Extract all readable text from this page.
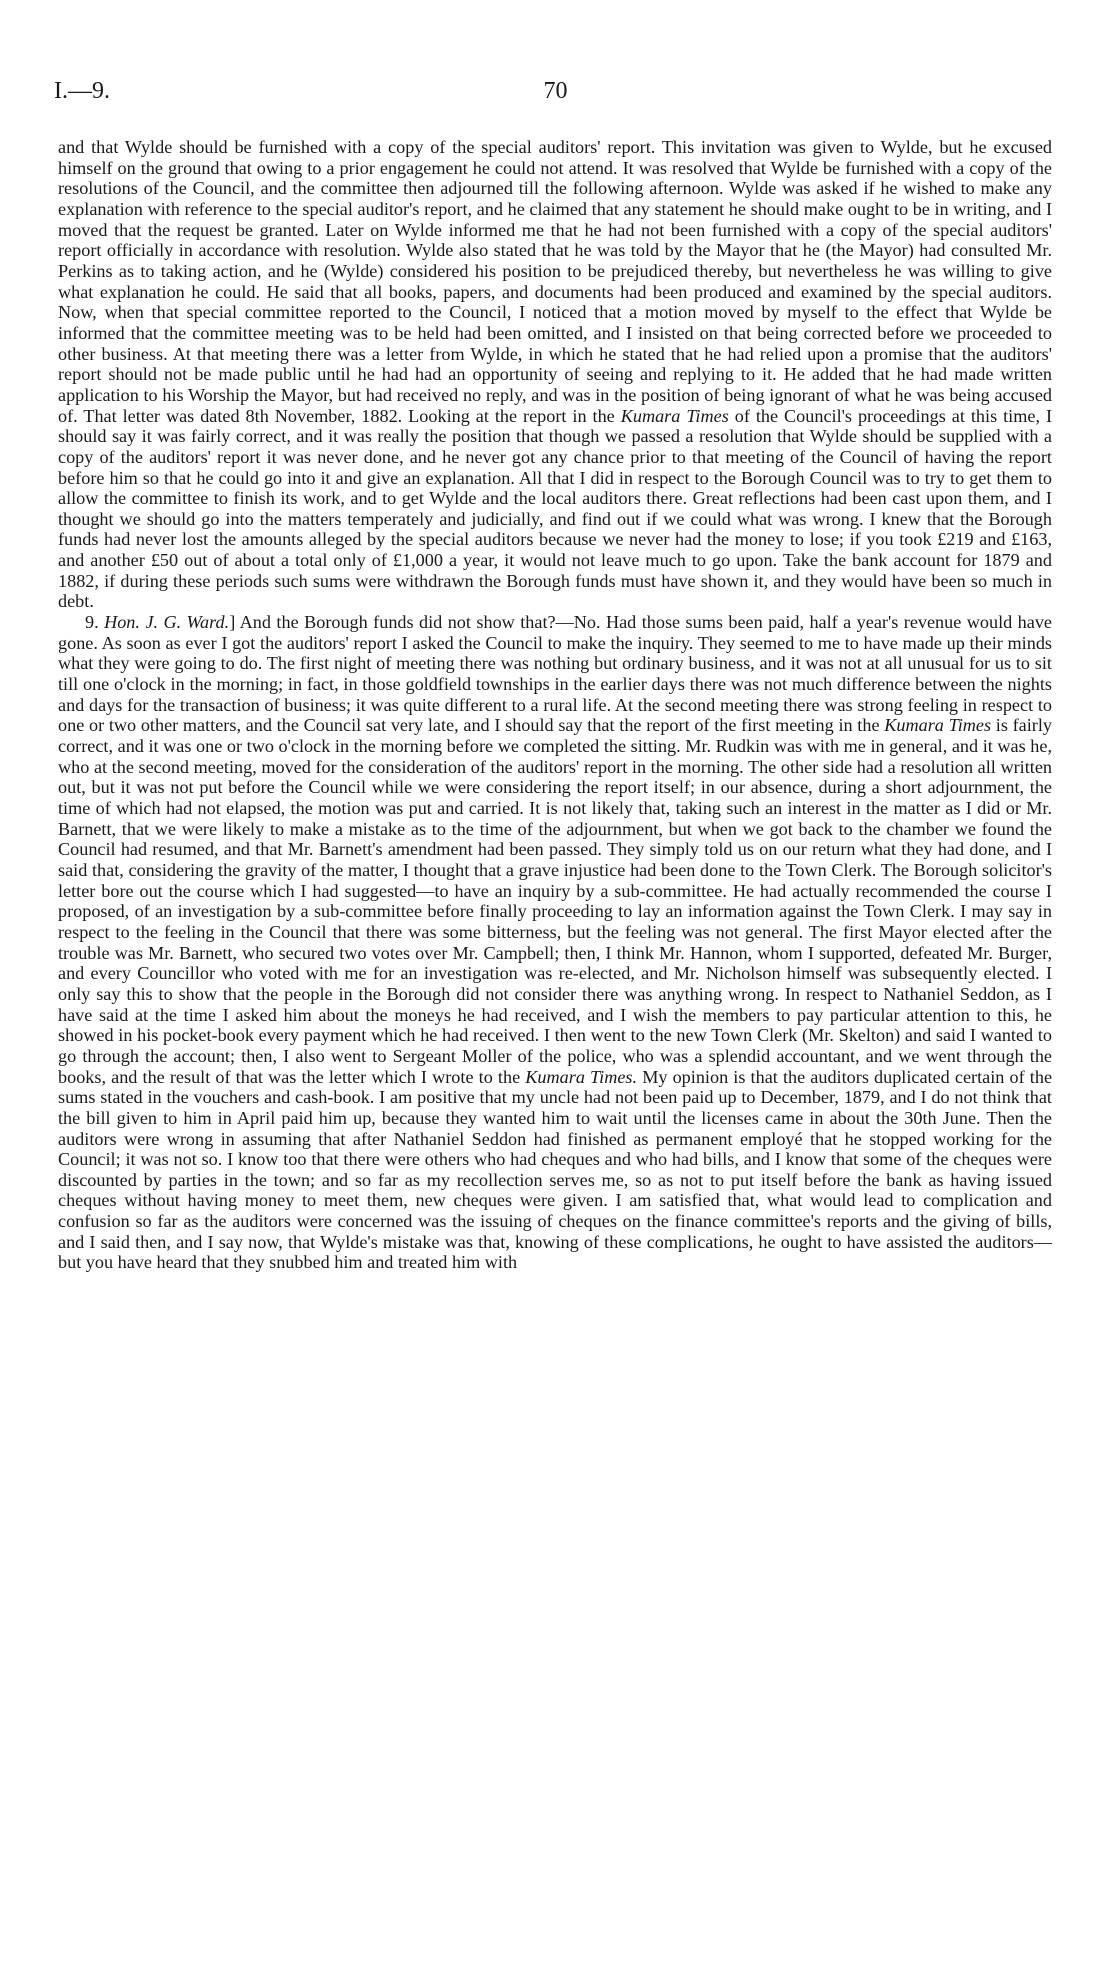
I.—9.	70

and that Wylde should be furnished with a copy of the special auditors' report. This invitation was given to Wylde, but he excused himself on the ground that owing to a prior engagement he could not attend. It was resolved that Wylde be furnished with a copy of the resolutions of the Council, and the committee then adjourned till the following afternoon. Wylde was asked if he wished to make any explanation with reference to the special auditor's report, and he claimed that any statement he should make ought to be in writing, and I moved that the request be granted. Later on Wylde informed me that he had not been furnished with a copy of the special auditors' report officially in accordance with resolution. Wylde also stated that he was told by the Mayor that he (the Mayor) had consulted Mr. Perkins as to taking action, and he (Wylde) considered his position to be prejudiced thereby, but nevertheless he was willing to give what explanation he could. He said that all books, papers, and documents had been produced and examined by the special auditors. Now, when that special committee reported to the Council, I noticed that a motion moved by myself to the effect that Wylde be informed that the committee meeting was to be held had been omitted, and I insisted on that being corrected before we proceeded to other business. At that meeting there was a letter from Wylde, in which he stated that he had relied upon a promise that the auditors' report should not be made public until he had had an opportunity of seeing and replying to it. He added that he had made written application to his Worship the Mayor, but had received no reply, and was in the position of being ignorant of what he was being accused of. That letter was dated 8th November, 1882. Looking at the report in the Kumara Times of the Council's proceedings at this time, I should say it was fairly correct, and it was really the position that though we passed a resolution that Wylde should be supplied with a copy of the auditors' report it was never done, and he never got any chance prior to that meeting of the Council of having the report before him so that he could go into it and give an explanation. All that I did in respect to the Borough Council was to try to get them to allow the committee to finish its work, and to get Wylde and the local auditors there. Great reflections had been cast upon them, and I thought we should go into the matters temperately and judicially, and find out if we could what was wrong. I knew that the Borough funds had never lost the amounts alleged by the special auditors because we never had the money to lose; if you took £219 and £163, and another £50 out of about a total only of £1,000 a year, it would not leave much to go upon. Take the bank account for 1879 and 1882, if during these periods such sums were withdrawn the Borough funds must have shown it, and they would have been so much in debt.

9. Hon. J. G. Ward.] And the Borough funds did not show that?—No. Had those sums been paid, half a year's revenue would have gone. As soon as ever I got the auditors' report I asked the Council to make the inquiry. They seemed to me to have made up their minds what they were going to do. The first night of meeting there was nothing but ordinary business, and it was not at all unusual for us to sit till one o'clock in the morning; in fact, in those goldfield townships in the earlier days there was not much difference between the nights and days for the transaction of business; it was quite different to a rural life. At the second meeting there was strong feeling in respect to one or two other matters, and the Council sat very late, and I should say that the report of the first meeting in the Kumara Times is fairly correct, and it was one or two o'clock in the morning before we completed the sitting. Mr. Rudkin was with me in general, and it was he, who at the second meeting, moved for the consideration of the auditors' report in the morning. The other side had a resolution all written out, but it was not put before the Council while we were considering the report itself; in our absence, during a short adjournment, the time of which had not elapsed, the motion was put and carried. It is not likely that, taking such an interest in the matter as I did or Mr. Barnett, that we were likely to make a mistake as to the time of the adjournment, but when we got back to the chamber we found the Council had resumed, and that Mr. Barnett's amendment had been passed. They simply told us on our return what they had done, and I said that, considering the gravity of the matter, I thought that a grave injustice had been done to the Town Clerk. The Borough solicitor's letter bore out the course which I had suggested—to have an inquiry by a sub-committee. He had actually recommended the course I proposed, of an investigation by a sub-committee before finally proceeding to lay an information against the Town Clerk. I may say in respect to the feeling in the Council that there was some bitterness, but the feeling was not general. The first Mayor elected after the trouble was Mr. Barnett, who secured two votes over Mr. Campbell; then, I think Mr. Hannon, whom I supported, defeated Mr. Burger, and every Councillor who voted with me for an investigation was re-elected, and Mr. Nicholson himself was subsequently elected. I only say this to show that the people in the Borough did not consider there was anything wrong. In respect to Nathaniel Seddon, as I have said at the time I asked him about the moneys he had received, and I wish the members to pay particular attention to this, he showed in his pocket-book every payment which he had received. I then went to the new Town Clerk (Mr. Skelton) and said I wanted to go through the account; then, I also went to Sergeant Moller of the police, who was a splendid accountant, and we went through the books, and the result of that was the letter which I wrote to the Kumara Times. My opinion is that the auditors duplicated certain of the sums stated in the vouchers and cash-book. I am positive that my uncle had not been paid up to December, 1879, and I do not think that the bill given to him in April paid him up, because they wanted him to wait until the licenses came in about the 30th June. Then the auditors were wrong in assuming that after Nathaniel Seddon had finished as permanent employé that he stopped working for the Council; it was not so. I know too that there were others who had cheques and who had bills, and I know that some of the cheques were discounted by parties in the town; and so far as my recollection serves me, so as not to put itself before the bank as having issued cheques without having money to meet them, new cheques were given. I am satisfied that, what would lead to complication and confusion so far as the auditors were concerned was the issuing of cheques on the finance committee's reports and the giving of bills, and I said then, and I say now, that Wylde's mistake was that, knowing of these complications, he ought to have assisted the auditors—but you have heard that they snubbed him and treated him with
